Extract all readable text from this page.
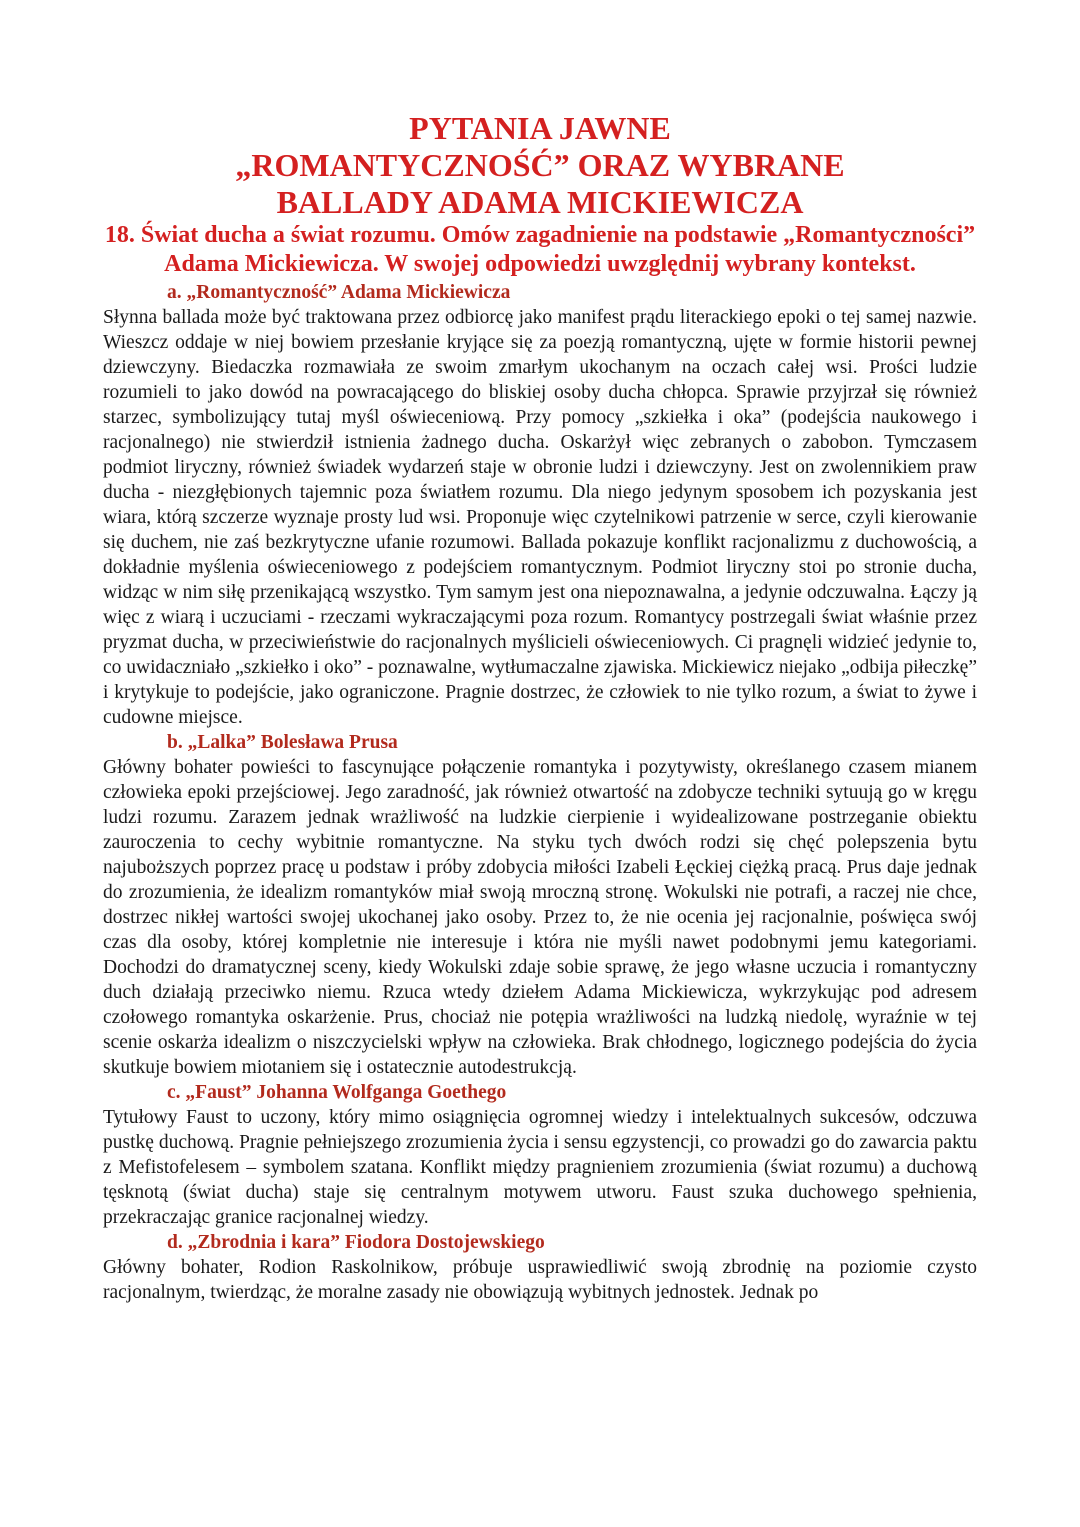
PYTANIA JAWNE
„ROMANTYCZNOŚĆ” ORAZ WYBRANE
BALLADY ADAMA MICKIEWICZA

18. Świat ducha a świat rozumu. Omów zagadnienie na podstawie „Romantyczności” Adama Mickiewicza. W swojej odpowiedzi uwzględnij wybrany kontekst.

a. „Romantyczność” Adama Mickiewicza

Słynna ballada może być traktowana przez odbiorcę jako manifest prądu literackiego epoki o tej samej nazwie. Wieszcz oddaje w niej bowiem przesłanie kryjące się za poezją romantyczną, ujęte w formie historii pewnej dziewczyny. Biedaczka rozmawiała ze swoim zmarłym ukochanym na oczach całej wsi. Prości ludzie rozumieli to jako dowód na powracającego do bliskiej osoby ducha chłopca. Sprawie przyjrzał się również starzec, symbolizujący tutaj myśl oświeceniową. Przy pomocy „szkiełka i oka” (podejścia naukowego i racjonalnego) nie stwierdził istnienia żadnego ducha. Oskarżył więc zebranych o zabobon. Tymczasem podmiot liryczny, również świadek wydarzeń staje w obronie ludzi i dziewczyny. Jest on zwolennikiem praw ducha - niezgłębionych tajemnic poza światłem rozumu. Dla niego jedynym sposobem ich pozyskania jest wiara, którą szczerze wyznaje prosty lud wsi. Proponuje więc czytelnikowi patrzenie w serce, czyli kierowanie się duchem, nie zaś bezkrytyczne ufanie rozumowi. Ballada pokazuje konflikt racjonalizmu z duchowością, a dokładnie myślenia oświeceniowego z podejściem romantycznym. Podmiot liryczny stoi po stronie ducha, widząc w nim siłę przenikającą wszystko. Tym samym jest ona niepoznawalna, a jedynie odczuwalna. Łączy ją więc z wiarą i uczuciami - rzeczami wykraczającymi poza rozum. Romantycy postrzegali świat właśnie przez pryzmat ducha, w przeciwieństwie do racjonalnych myślicieli oświeceniowych. Ci pragnęli widzieć jedynie to, co uwidaczniało „szkiełko i oko” - poznawalne, wytłumaczalne zjawiska. Mickiewicz niejako „odbija piłeczkę” i krytykuje to podejście, jako ograniczone. Pragnie dostrzec, że człowiek to nie tylko rozum, a świat to żywe i cudowne miejsce.

b. „Lalka” Bolesława Prusa

Główny bohater powieści to fascynujące połączenie romantyka i pozytywisty, określanego czasem mianem człowieka epoki przejściowej. Jego zaradność, jak również otwartość na zdobycze techniki sytuują go w kręgu ludzi rozumu. Zarazem jednak wrażliwość na ludzkie cierpienie i wyidealizowane postrzeganie obiektu zauroczenia to cechy wybitnie romantyczne. Na styku tych dwóch rodzi się chęć polepszenia bytu najuboższych poprzez pracę u podstaw i próby zdobycia miłości Izabeli Łęckiej ciężką pracą. Prus daje jednak do zrozumienia, że idealizm romantyków miał swoją mroczną stronę. Wokulski nie potrafi, a raczej nie chce, dostrzec nikłej wartości swojej ukochanej jako osoby. Przez to, że nie ocenia jej racjonalnie, poświęca swój czas dla osoby, której kompletnie nie interesuje i która nie myśli nawet podobnymi jemu kategoriami. Dochodzi do dramatycznej sceny, kiedy Wokulski zdaje sobie sprawę, że jego własne uczucia i romantyczny duch działają przeciwko niemu. Rzuca wtedy dziełem Adama Mickiewicza, wykrzykując pod adresem czołowego romantyka oskarżenie. Prus, chociaż nie potępia wrażliwości na ludzką niedolę, wyraźnie w tej scenie oskarża idealizm o niszczycielski wpływ na człowieka. Brak chłodnego, logicznego podejścia do życia skutkuje bowiem miotaniem się i ostatecznie autodestrukcją.

c. „Faust” Johanna Wolfganga Goethego

Tytułowy Faust to uczony, który mimo osiągnięcia ogromnej wiedzy i intelektualnych sukcesów, odczuwa pustkę duchową. Pragnie pełniejszego zrozumienia życia i sensu egzystencji, co prowadzi go do zawarcia paktu z Mefistofelesem – symbolem szatana. Konflikt między pragnieniem zrozumienia (świat rozumu) a duchową tęsknotą (świat ducha) staje się centralnym motywem utworu. Faust szuka duchowego spełnienia, przekraczając granice racjonalnej wiedzy.

d. „Zbrodnia i kara” Fiodora Dostojewskiego

Główny bohater, Rodion Raskolnikow, próbuje usprawiedliwić swoją zbrodnię na poziomie czysto racjonalnym, twierdząc, że moralne zasady nie obowiązują wybitnych jednostek. Jednak po
